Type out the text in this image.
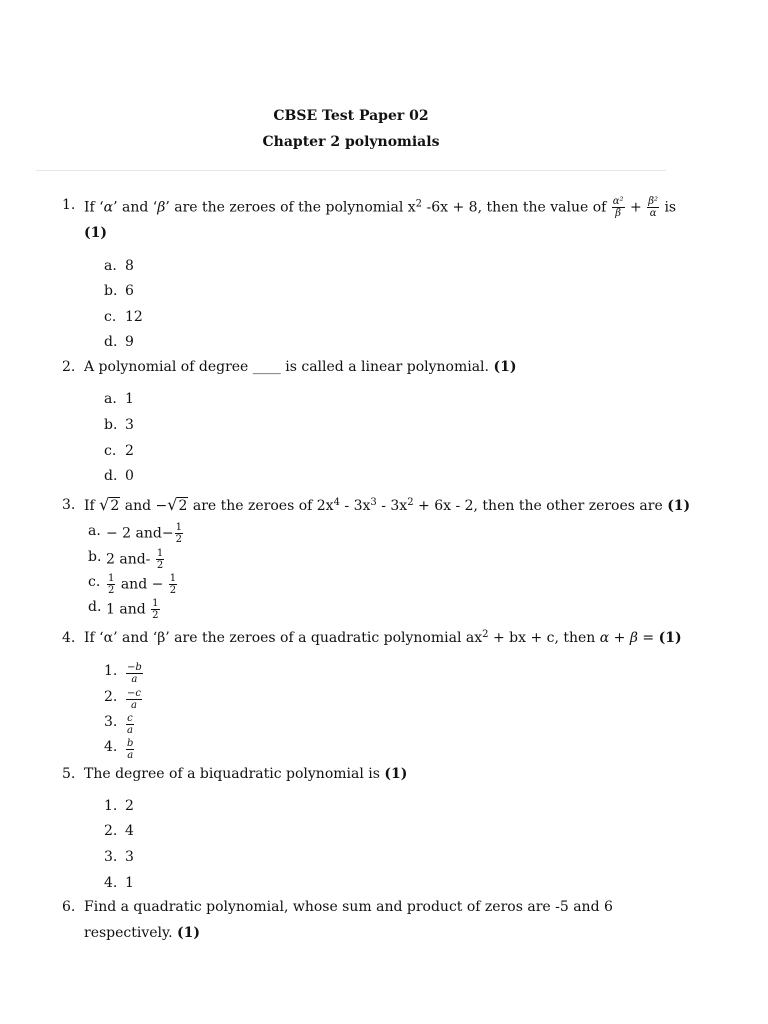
CBSE Test Paper 02
Chapter 2 polynomials
1. If ‘α’ and ‘β’ are the zeroes of the polynomial $x^2$ -6x + 8, then the value of $\frac{\text{α²}}{\beta} + \frac{\text{β²}}{\alpha}$ is
(1)
a. 8
b. 6
c. 12
d. 9
2. A polynomial of degree ____ is called a linear polynomial. (1)
a. 1
b. 3
c. 2
d. 0
3. If √2 and −√2 are the zeroes of $2x^4 - 3x^3 - 3x^2 + 6x - 2$, then the other zeroes are (1)
a. − 2 $and- \frac{1}{2}$
b. 2 $and- \frac{1}{2}$
c. $\frac{1}{2}$ and − $\frac{1}{2}$
d. 1 and $\frac{1}{2}$
4. If ‘α’ and ‘β’ are the zeroes of a quadratic polynomial $ax^2$ + bx + c, then α + β = (1)
1. $\frac{-b}{a}$
2. $\frac{-c}{a}$
3. $\frac{c}{a}$
4. $\frac{b}{a}$
5. The degree of a biquadratic polynomial is (1)
1. 2
2. 4
3. 3
4. 1
6. Find a quadratic polynomial, whose sum and product of zeros are -5 and 6
respectively. (1)
